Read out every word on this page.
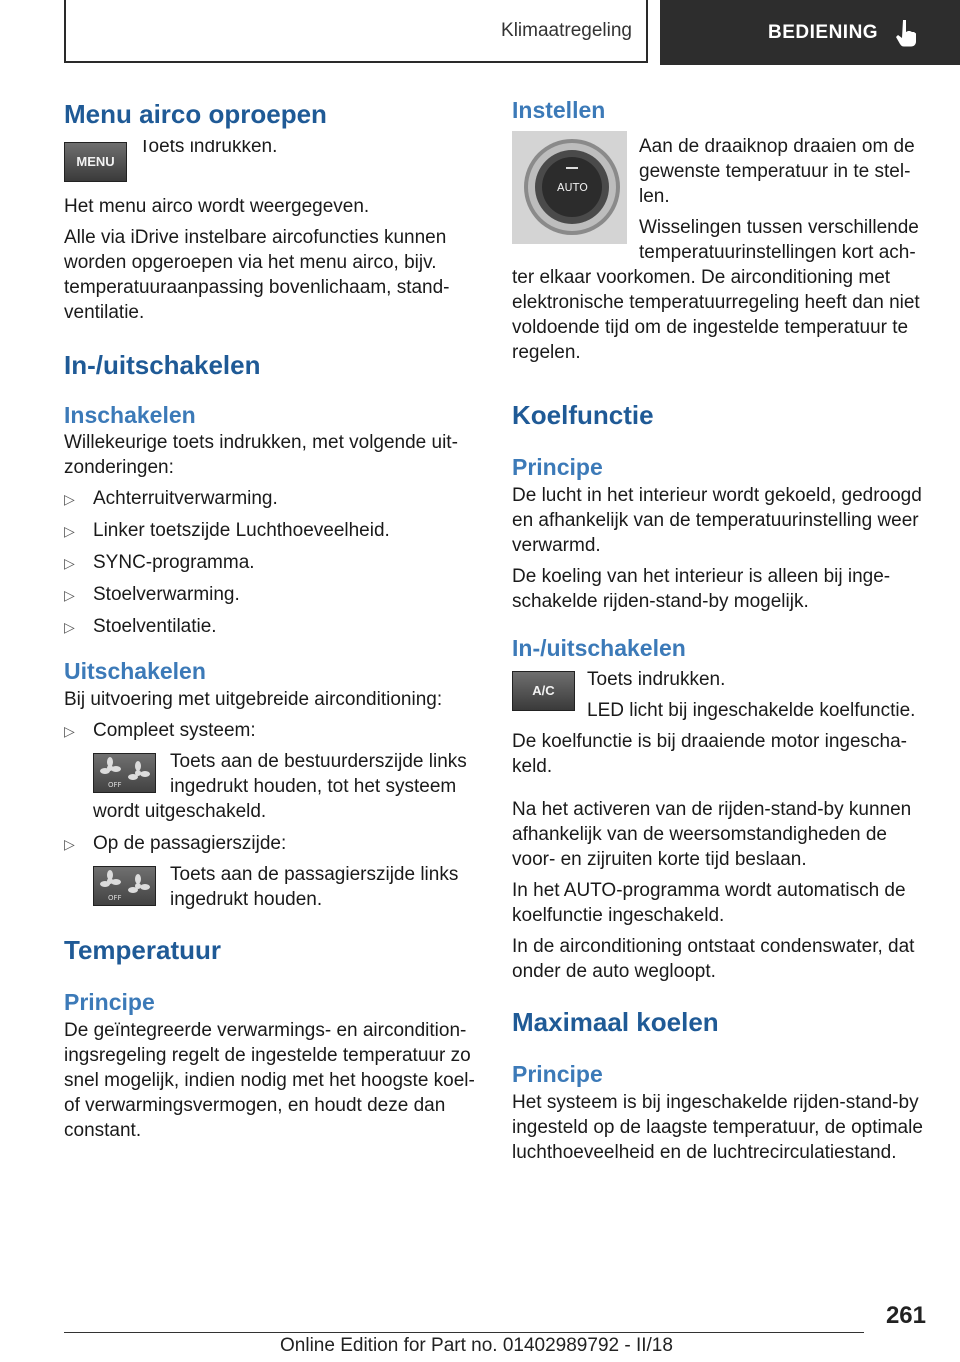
Klimaatregeling	BEDIENING
Menu airco oproepen
MENU

Toets indrukken.

Het menu airco wordt weergegeven.

Alle via iDrive instelbare aircofuncties kunnen worden opgeroepen via het menu airco, bijv. temperatuuraanpassing bovenlichaam, stand-ventilatie.

In-/uitschakelen
Inschakelen

Willekeurige toets indrukken, met volgende uit-zonderingen:

▷ Achterruitverwarming.
▷ Linker toetszijde Luchthoeveelheid.
▷ SYNC-programma.
▷ Stoelverwarming.
▷ Stoelventilatie.
Uitschakelen

Bij uitvoering met uitgebreide airconditioning:

▷ Compleet systeem:
OFF
Toets aan de bestuurderszijde links ingedrukt houden, tot het systeem wordt uitgeschakeld.
▷ Op de passagierszijde:
OFF
Toets aan de passagierszijde links ingedrukt houden.
Temperatuur
Principe

De geïntegreerde verwarmings- en aircondition-ingsregeling regelt de ingestelde temperatuur zo snel mogelijk, indien nodig met het hoogste koel- of verwarmingsvermogen, en houdt deze dan constant.

Instellen
AUTO

Aan de draaiknop draaien om de gewenste temperatuur in te stel-len.

Wisselingen tussen verschillende temperatuurinstellingen kort ach-ter elkaar voorkomen. De airconditioning met elektronische temperatuurregeling heeft dan niet voldoende tijd om de ingestelde temperatuur te regelen.

Koelfunctie
Principe

De lucht in het interieur wordt gekoeld, gedroogd en afhankelijk van de temperatuurinstelling weer verwarmd.

De koeling van het interieur is alleen bij inge-schakelde rijden-stand-by mogelijk.

In-/uitschakelen
A/C

Toets indrukken.

LED licht bij ingeschakelde koelfunctie.

De koelfunctie is bij draaiende motor ingescha-keld.

Na het activeren van de rijden-stand-by kunnen afhankelijk van de weersomstandigheden de voor- en zijruiten korte tijd beslaan.

In het AUTO-programma wordt automatisch de koelfunctie ingeschakeld.

In de airconditioning ontstaat condenswater, dat onder de auto wegloopt.

Maximaal koelen
Principe

Het systeem is bij ingeschakelde rijden-stand-by ingesteld op de laagste temperatuur, de optimale luchthoeveelheid en de luchtrecirculatiestand.

261
Online Edition for Part no. 01402989792 - II/18
